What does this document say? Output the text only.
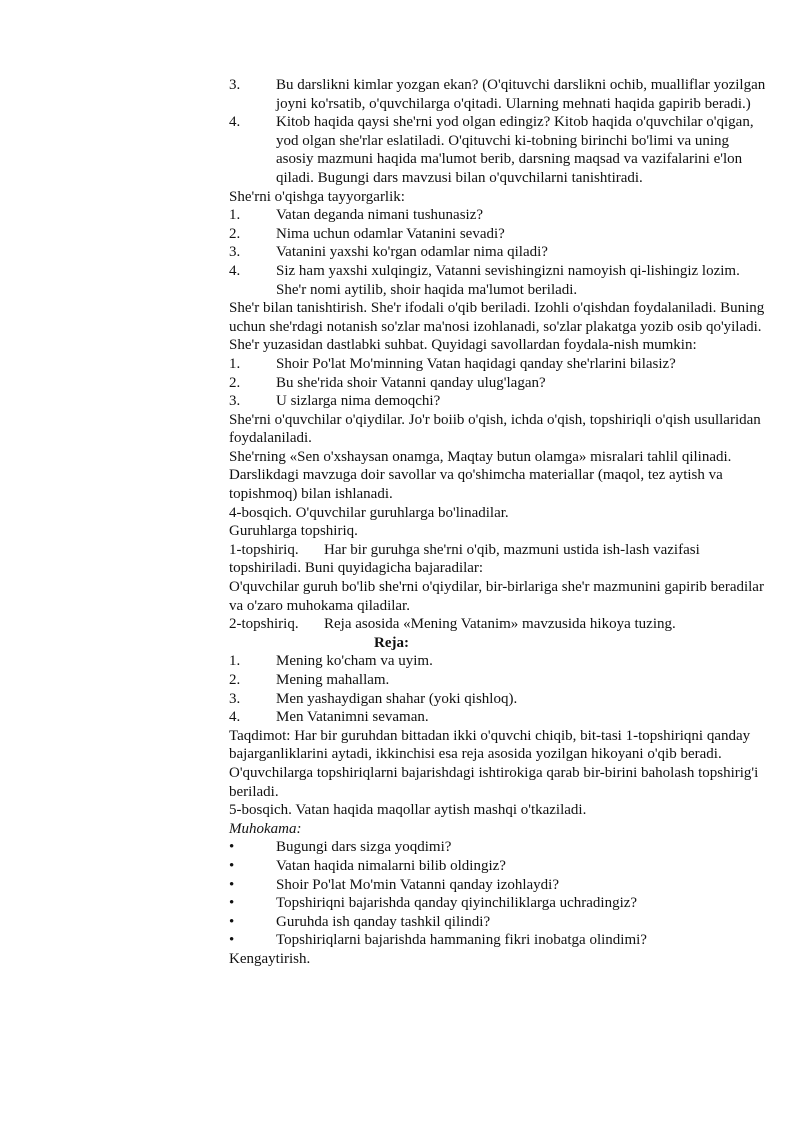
3.	Bu darslikni kimlar yozgan ekan? (O'qituvchi darslikni ochib, mualliflar yozilgan joyni ko'rsatib, o'quvchilarga o'qitadi. Ularning mehnati haqida gapirib beradi.)
4.	Kitob haqida qaysi she'rni yod olgan edingiz? Kitob haqida o'quvchilar o'qigan, yod olgan she'rlar eslatiladi. O'qituvchi ki-tobning birinchi bo'limi va uning asosiy mazmuni haqida ma'lumot berib, darsning maqsad va vazifalarini e'lon qiladi. Bugungi dars mavzusi bilan o'quvchilarni tanishtiradi.

She'rni o'qishga tayyorgarlik:

1.	Vatan deganda nimani tushunasiz?
2.	Nima uchun odamlar Vatanini sevadi?
3.	Vatanini yaxshi ko'rgan odamlar nima qiladi?
4.	Siz ham yaxshi xulqingiz, Vatanni sevishingizni namoyish qi-lishingiz lozim. She'r nomi aytilib, shoir haqida ma'lumot beriladi.

She'r bilan tanishtirish. She'r ifodali o'qib beriladi. Izohli o'qishdan foydalaniladi. Buning uchun she'rdagi notanish so'zlar ma'nosi izohlanadi, so'zlar plakatga yozib osib qo'yiladi.

She'r yuzasidan dastlabki suhbat. Quyidagi savollardan foydala-nish mumkin:

1.	Shoir Po'lat Mo'minning Vatan haqidagi qanday she'rlarini bilasiz?
2.	Bu she'rida shoir Vatanni qanday ulug'lagan?
3.	U sizlarga nima demoqchi?

She'rni o'quvchilar o'qiydilar. Jo'r boiib o'qish, ichda o'qish, topshiriqli o'qish usullaridan foydalaniladi.

She'rning «Sen o'xshaysan onamga, Maqtay butun olamga» misralari tahlil qilinadi.

Darslikdagi mavzuga doir savollar va qo'shimcha materiallar (maqol, tez aytish va topishmoq) bilan ishlanadi.

4-bosqich. O'quvchilar guruhlarga bo'linadilar.

Guruhlarga topshiriq.

1-topshiriq. Har bir guruhga she'rni o'qib, mazmuni ustida ish-lash vazifasi topshiriladi. Buni quyidagicha bajaradilar:

O'quvchilar guruh bo'lib she'rni o'qiydilar, bir-birlariga she'r mazmunini gapirib beradilar va o'zaro muhokama qiladilar.

2-topshiriq. Reja asosida «Mening Vatanim» mavzusida hikoya tuzing.

Reja:

1.	Mening ko'cham va uyim.
2.	Mening mahallam.
3.	Men yashaydigan shahar (yoki qishloq).
4.	Men Vatanimni sevaman.

Taqdimot: Har bir guruhdan bittadan ikki o'quvchi chiqib, bit-tasi 1-topshiriqni qanday bajarganliklarini aytadi, ikkinchisi esa reja asosida yozilgan hikoyani o'qib beradi.

O'quvchilarga topshiriqlarni bajarishdagi ishtirokiga qarab bir-birini baholash topshirig'i beriladi.

5-bosqich. Vatan haqida maqollar aytish mashqi o'tkaziladi.

Muhokama:

•	Bugungi dars sizga yoqdimi?
•	Vatan haqida nimalarni bilib oldingiz?
•	Shoir Po'lat Mo'min Vatanni qanday izohlaydi?
•	Topshiriqni bajarishda qanday qiyinchiliklarga uchradingiz?
•	Guruhda ish qanday tashkil qilindi?
•	Topshiriqlarni bajarishda hammaning fikri inobatga olindimi?

Kengaytirish.
